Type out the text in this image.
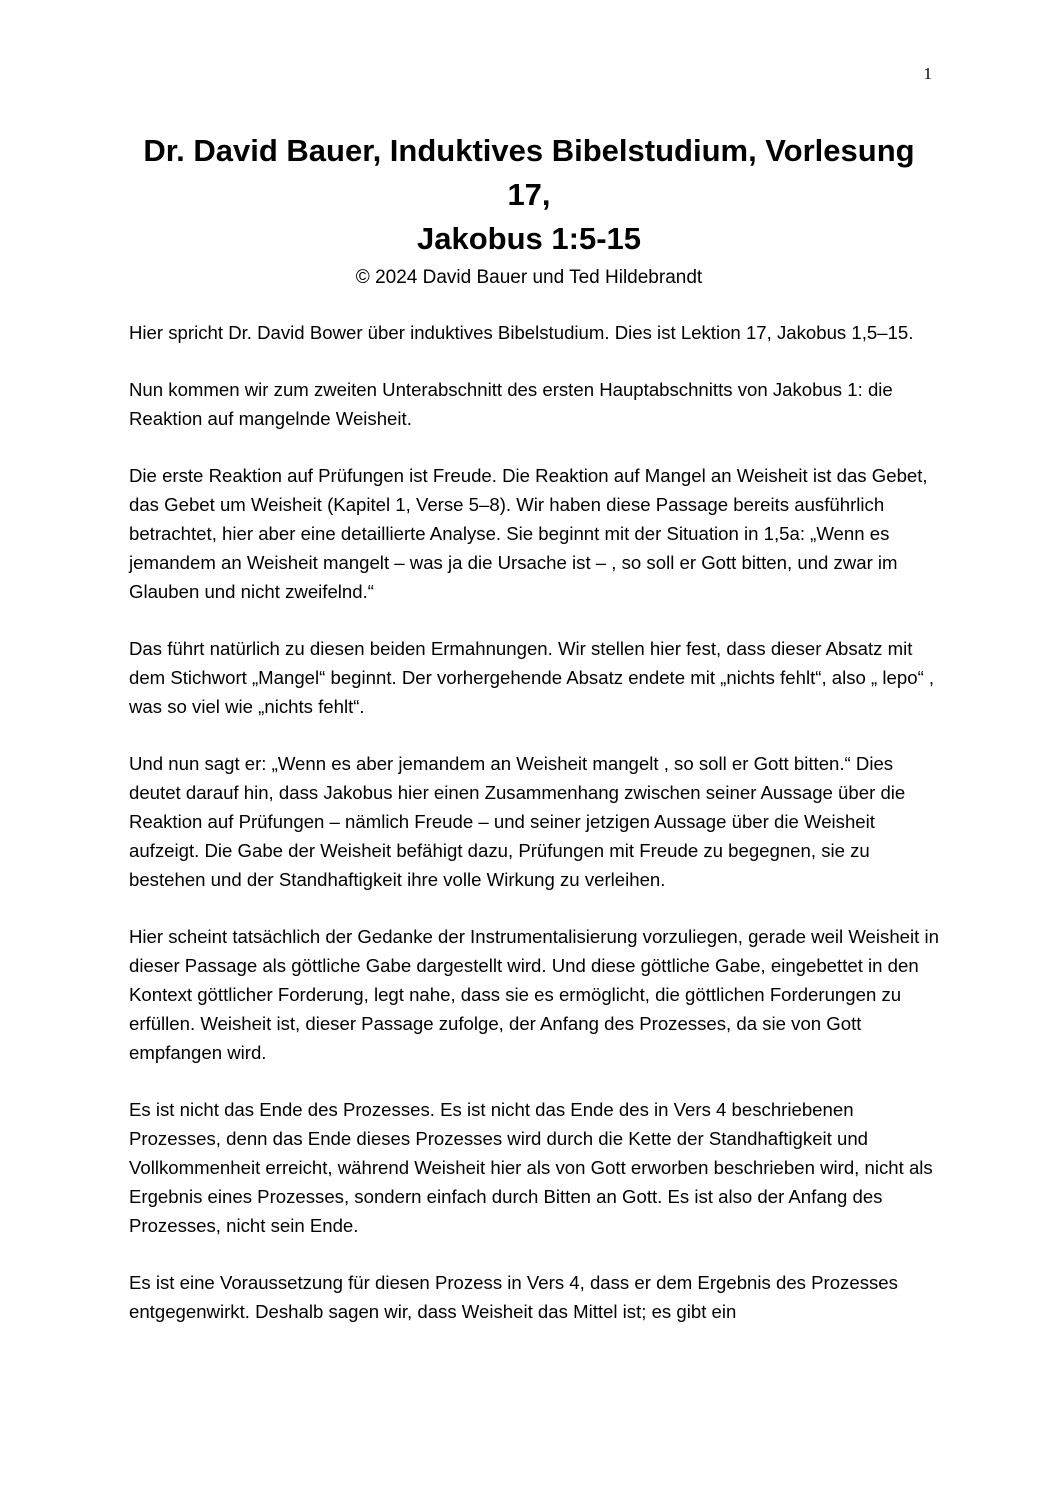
1
Dr. David Bauer, Induktives Bibelstudium, Vorlesung 17,
Jakobus 1:5-15

© 2024 David Bauer und Ted Hildebrandt

Hier spricht Dr. David Bower über induktives Bibelstudium. Dies ist Lektion 17, Jakobus 1,5–15.

Nun kommen wir zum zweiten Unterabschnitt des ersten Hauptabschnitts von Jakobus 1: die Reaktion auf mangelnde Weisheit.

Die erste Reaktion auf Prüfungen ist Freude. Die Reaktion auf Mangel an Weisheit ist das Gebet, das Gebet um Weisheit (Kapitel 1, Verse 5–8). Wir haben diese Passage bereits ausführlich betrachtet, hier aber eine detaillierte Analyse. Sie beginnt mit der Situation in 1,5a: „Wenn es jemandem an Weisheit mangelt – was ja die Ursache ist – , so soll er Gott bitten, und zwar im Glauben und nicht zweifelnd.“

Das führt natürlich zu diesen beiden Ermahnungen. Wir stellen hier fest, dass dieser Absatz mit dem Stichwort „Mangel“ beginnt. Der vorhergehende Absatz endete mit „nichts fehlt“, also „ lepo“ , was so viel wie „nichts fehlt“.

Und nun sagt er: „Wenn es aber jemandem an Weisheit mangelt , so soll er Gott bitten.“ Dies deutet darauf hin, dass Jakobus hier einen Zusammenhang zwischen seiner Aussage über die Reaktion auf Prüfungen – nämlich Freude – und seiner jetzigen Aussage über die Weisheit aufzeigt. Die Gabe der Weisheit befähigt dazu, Prüfungen mit Freude zu begegnen, sie zu bestehen und der Standhaftigkeit ihre volle Wirkung zu verleihen.

Hier scheint tatsächlich der Gedanke der Instrumentalisierung vorzuliegen, gerade weil Weisheit in dieser Passage als göttliche Gabe dargestellt wird. Und diese göttliche Gabe, eingebettet in den Kontext göttlicher Forderung, legt nahe, dass sie es ermöglicht, die göttlichen Forderungen zu erfüllen. Weisheit ist, dieser Passage zufolge, der Anfang des Prozesses, da sie von Gott empfangen wird.

Es ist nicht das Ende des Prozesses. Es ist nicht das Ende des in Vers 4 beschriebenen Prozesses, denn das Ende dieses Prozesses wird durch die Kette der Standhaftigkeit und Vollkommenheit erreicht, während Weisheit hier als von Gott erworben beschrieben wird, nicht als Ergebnis eines Prozesses, sondern einfach durch Bitten an Gott. Es ist also der Anfang des Prozesses, nicht sein Ende.

Es ist eine Voraussetzung für diesen Prozess in Vers 4, dass er dem Ergebnis des Prozesses entgegenwirkt. Deshalb sagen wir, dass Weisheit das Mittel ist; es gibt ein
